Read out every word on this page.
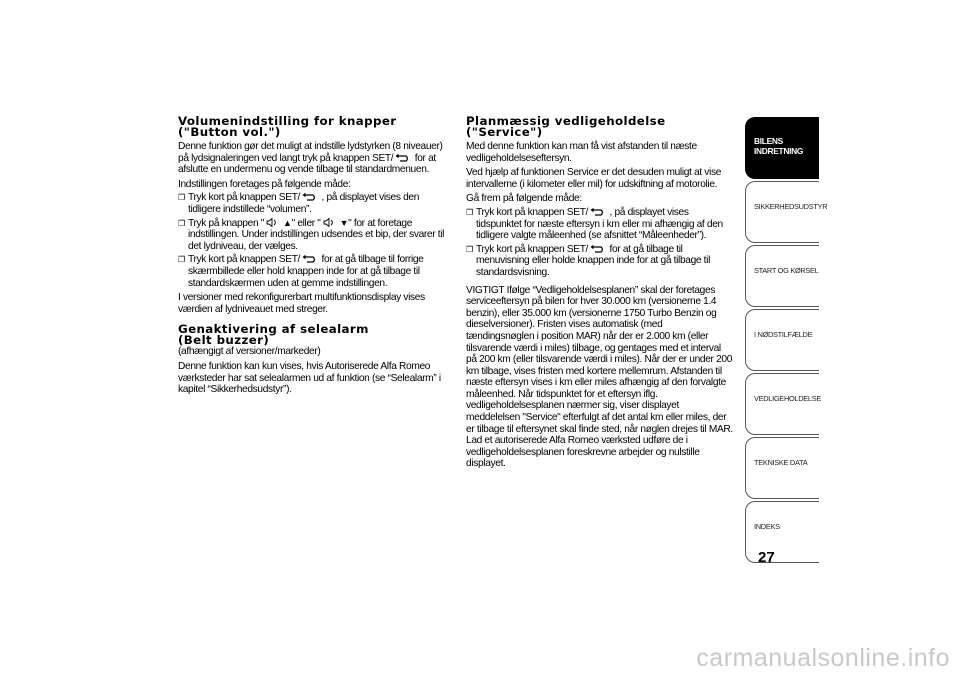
Volumenindstilling for knapper
("Button vol.")

Denne funktion gør det muligt at indstille lydstyrken (8 niveauer) på lydsignaleringen ved langt tryk på knappen SET/
for at afslutte en undermenu og vende tilbage til standardmenuen.

Indstillingen foretages på følgende måde:

❐ Tryk kort på knappen SET/
, på displayet vises den tidligere indstillede “volumen”.
❐ Tryk på knappen " ▲" eller " ▼" for at foretage indstillingen. Under indstillingen udsendes et bip, der svarer til det lydniveau, der vælges.
❐ Tryk kort på knappen SET/
for at gå tilbage til forrige skærmbillede eller hold knappen inde for at gå tilbage til standardskærmen uden at gemme indstillingen.

I versioner med rekonfigurerbart multifunktionsdisplay vises værdien af lydniveauet med streger.

Genaktivering af selealarm
(Belt buzzer)

(afhængigt af versioner/markeder)

Denne funktion kan kun vises, hvis Autoriserede Alfa Romeo værksteder har sat selealarmen ud af funktion (se “Selealarm” i kapitel “Sikkerhedsudstyr”).

Planmæssig vedligeholdelse
("Service")

Med denne funktion kan man få vist afstanden til næste vedligeholdelseseftersyn.

Ved hjælp af funktionen Service er det desuden muligt at vise intervallerne (i kilometer eller mil) for udskiftning af motorolie.

Gå frem på følgende måde:

❐ Tryk kort på knappen SET/
, på displayet vises tidspunktet for næste eftersyn i km eller mi afhængig af den tidligere valgte måleenhed (se afsnittet “Måleenheder”).
❐ Tryk kort på knappen SET/
for at gå tilbage til menuvisning eller holde knappen inde for at gå tilbage til standardsvisning.

VIGTIGT Ifølge “Vedligeholdelsesplanen” skal der foretages serviceeftersyn på bilen for hver 30.000 km (versionerne 1.4 benzin), eller 35.000 km (versionerne 1750 Turbo Benzin og dieselversioner). Fristen vises automatisk (med tændingsnøglen i position MAR) når der er 2.000 km (eller tilsvarende værdi i miles) tilbage, og gentages med et interval på 200 km (eller tilsvarende værdi i miles). Når der er under 200 km tilbage, vises fristen med kortere mellemrum. Afstanden til næste eftersyn vises i km eller miles afhængig af den forvalgte måleenhed. Når tidspunktet for et eftersyn iflg. vedligeholdelsesplanen nærmer sig, viser displayet meddelelsen "Service" efterfulgt af det antal km eller miles, der er tilbage til eftersynet skal finde sted, når nøglen drejes til MAR. Lad et autoriserede Alfa Romeo værksted udføre de i vedligeholdelsesplanen foreskrevne arbejder og nulstille displayet.

BILENS
INDRETNING
SIKKERHEDSUDSTYR
START OG KØRSEL
I NØDSTILFÆLDE
VEDLIGEHOLDELSE
TEKNISKE DATA
INDEKS
27
carmanualsonline.info
